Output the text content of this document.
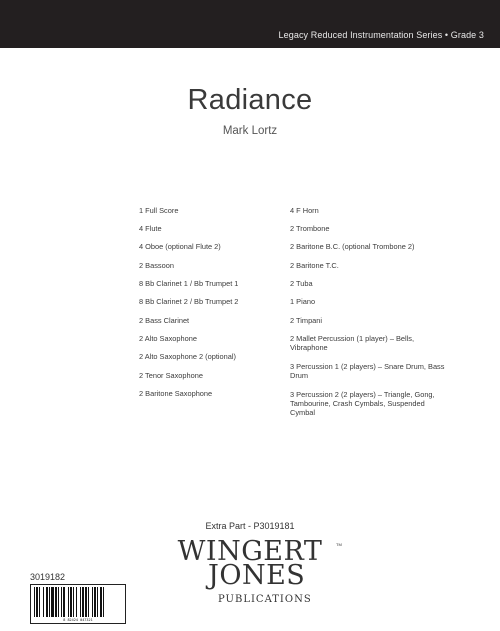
Legacy Reduced Instrumentation Series • Grade 3
Radiance
Mark Lortz
1 Full Score
4 Flute
4 Oboe (optional Flute 2)
2 Bassoon
8 Bb Clarinet 1 / Bb Trumpet 1
8 Bb Clarinet 2 / Bb Trumpet 2
2 Bass Clarinet
2 Alto Saxophone
2 Alto Saxophone 2 (optional)
2 Tenor Saxophone
2 Baritone Saxophone
4 F Horn
2 Trombone
2 Baritone B.C. (optional Trombone 2)
2 Baritone T.C.
2 Tuba
1 Piano
2 Timpani
2 Mallet Percussion (1 player) – Bells, Vibraphone
3 Percussion 1 (2 players) – Snare Drum, Bass Drum
3 Percussion 2 (2 players) – Triangle, Gong, Tambourine, Crash Cymbals, Suspended Cymbal
Extra Part - P3019181
3019182
8 82424 047321
WINGERT	TM
JONES
PUBLICATIONS
